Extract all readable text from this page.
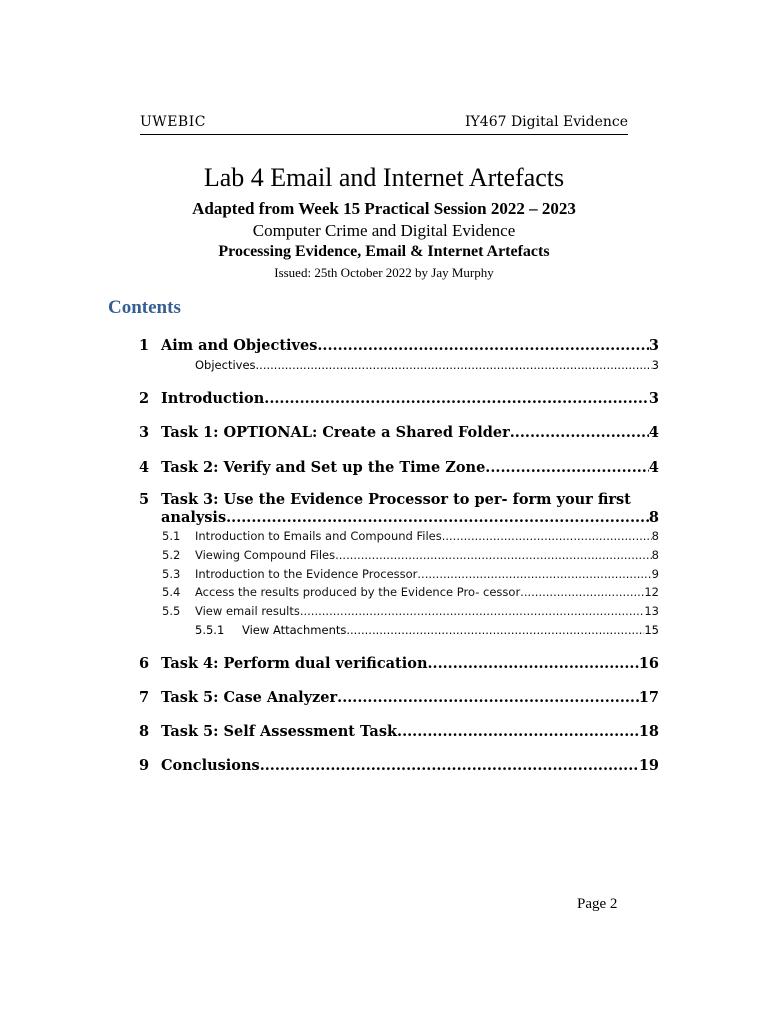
UWEBIC	IY467 Digital Evidence
Lab 4 Email and Internet Artefacts
Adapted from Week 15 Practical Session 2022 – 2023
Computer Crime and Digital Evidence
Processing Evidence, Email & Internet Artefacts
Issued: 25th October 2022 by Jay Murphy
Contents
1 Aim and Objectives .....	3
Objectives .....	3
2 Introduction .....	3
3 Task 1: OPTIONAL: Create a Shared Folder .....	4
4 Task 2: Verify and Set up the Time Zone .....	4
5 Task 3: Use the Evidence Processor to per- form your first
analysis .....	8
5.1	Introduction to Emails and Compound Files .....	8
5.2	Viewing Compound Files .....	8
5.3	Introduction to the Evidence Processor .....	9
5.4	Access the results produced by the Evidence Pro- cessor .....	12
5.5	View email results .....	13
5.5.1	View Attachments .....	15
6 Task 4: Perform dual verification .....	16
7 Task 5: Case Analyzer .....	17
8 Task 5: Self Assessment Task .....	18
9 Conclusions .....	19
Page 2
